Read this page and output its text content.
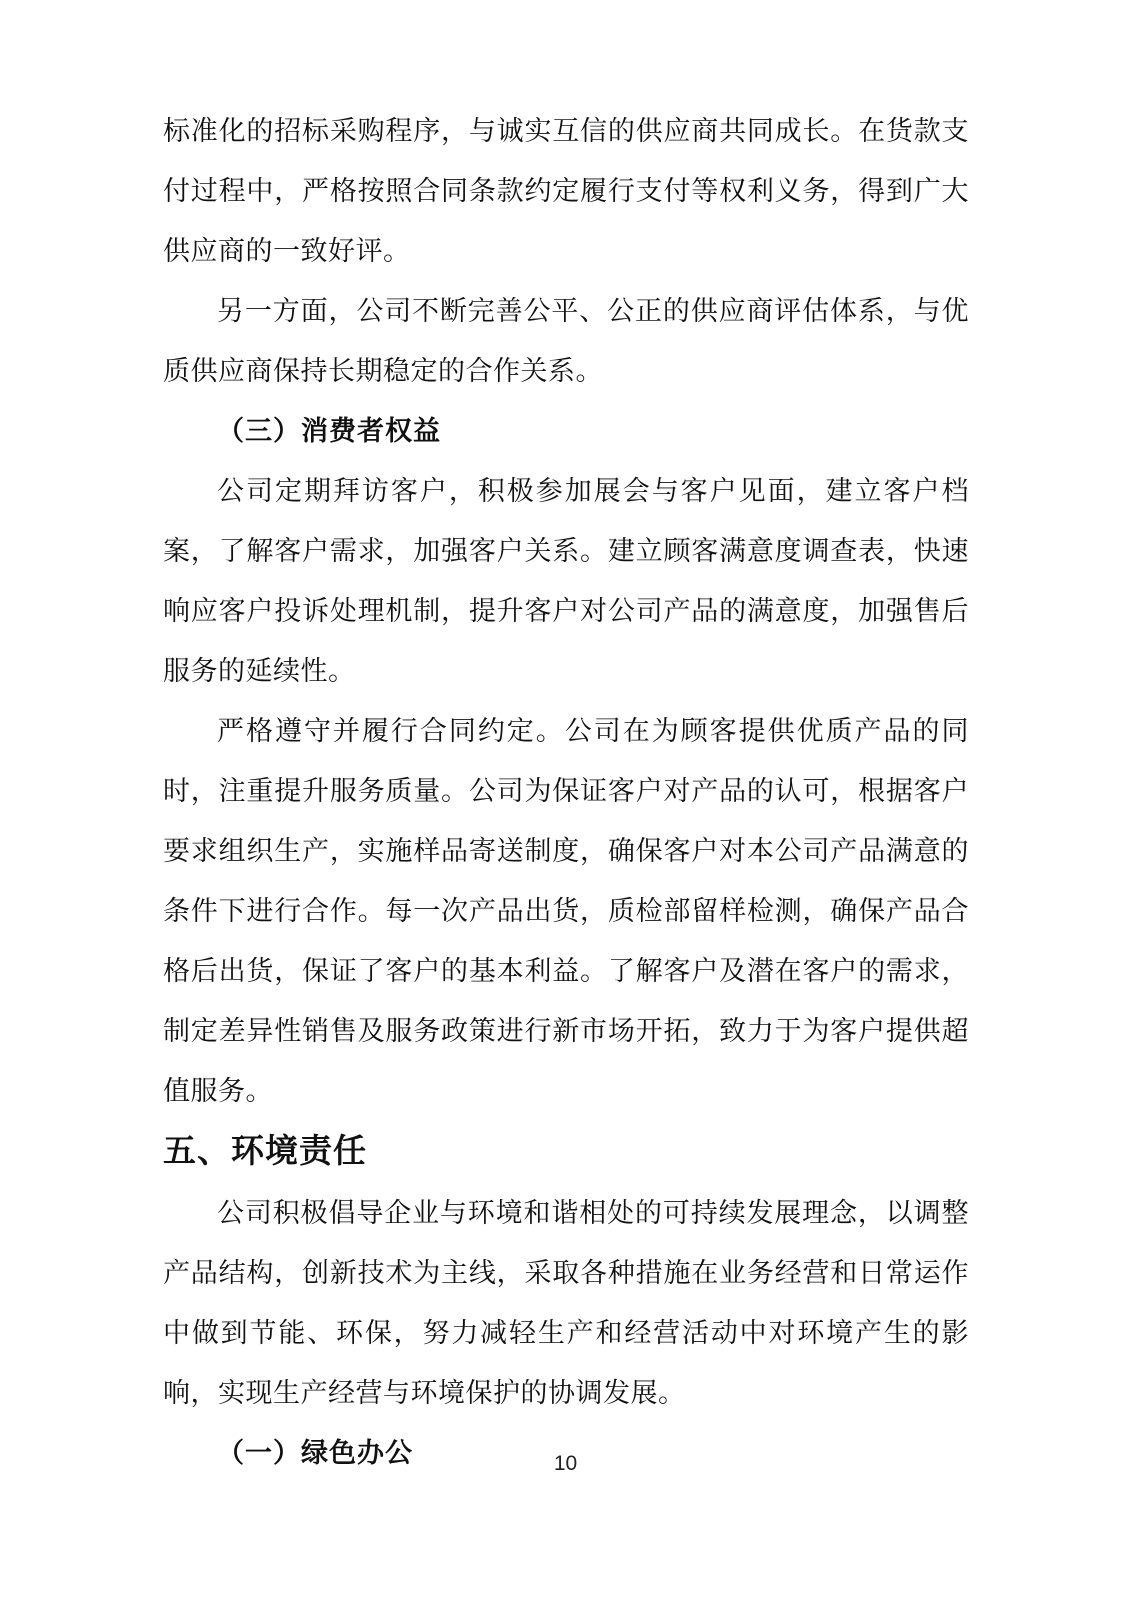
标准化的招标采购程序，与诚实互信的供应商共同成长。在货款支付过程中，严格按照合同条款约定履行支付等权利义务，得到广大供应商的一致好评。

另一方面，公司不断完善公平、公正的供应商评估体系，与优质供应商保持长期稳定的合作关系。

（三）消费者权益

公司定期拜访客户，积极参加展会与客户见面，建立客户档案，了解客户需求，加强客户关系。建立顾客满意度调查表，快速响应客户投诉处理机制，提升客户对公司产品的满意度，加强售后服务的延续性。

严格遵守并履行合同约定。公司在为顾客提供优质产品的同时，注重提升服务质量。公司为保证客户对产品的认可，根据客户要求组织生产，实施样品寄送制度，确保客户对本公司产品满意的条件下进行合作。每一次产品出货，质检部留样检测，确保产品合格后出货，保证了客户的基本利益。了解客户及潜在客户的需求，制定差异性销售及服务政策进行新市场开拓，致力于为客户提供超值服务。

五、环境责任

公司积极倡导企业与环境和谐相处的可持续发展理念，以调整产品结构，创新技术为主线，采取各种措施在业务经营和日常运作中做到节能、环保，努力减轻生产和经营活动中对环境产生的影响，实现生产经营与环境保护的协调发展。

（一）绿色办公	10
